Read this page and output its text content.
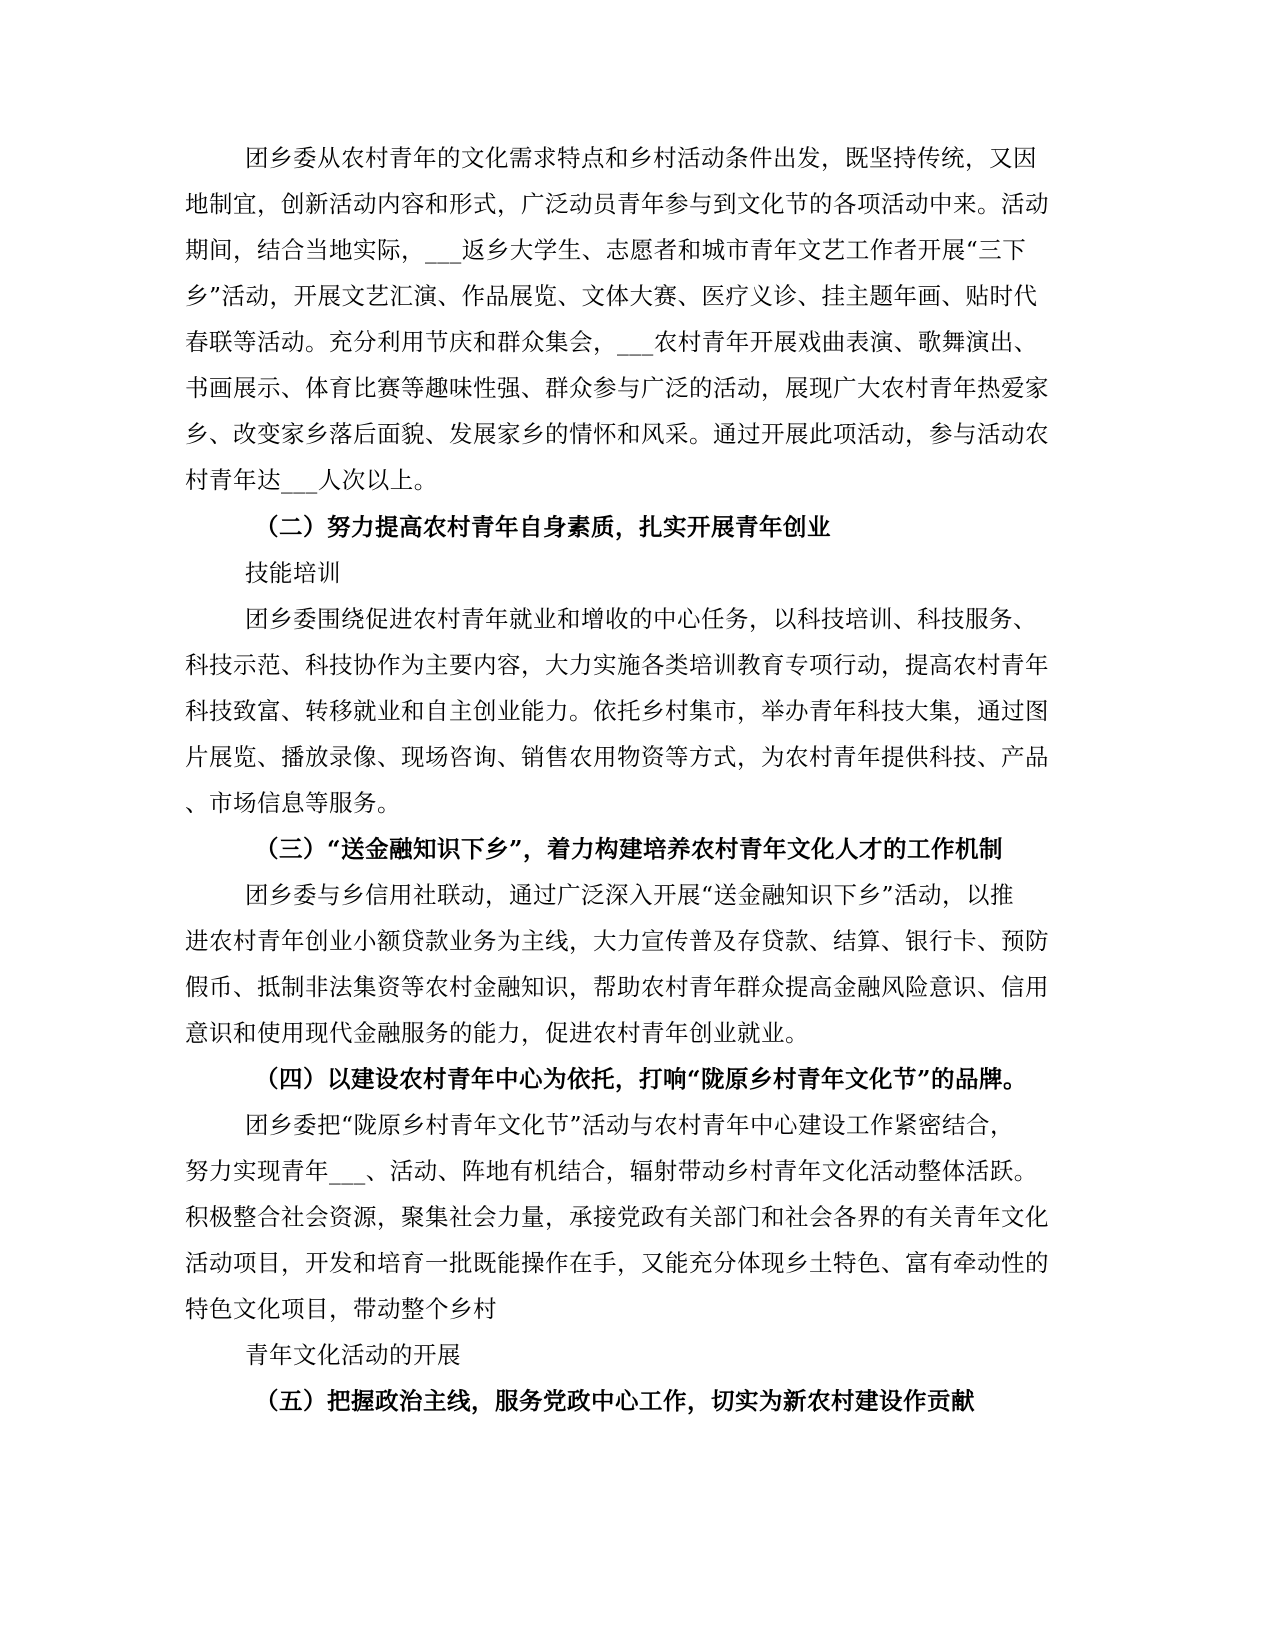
团乡委从农村青年的文化需求特点和乡村活动条件出发，既坚持传统，又因
地制宜，创新活动内容和形式，广泛动员青年参与到文化节的各项活动中来。活动
期间，结合当地实际，___返乡大学生、志愿者和城市青年文艺工作者开展“三下
乡”活动，开展文艺汇演、作品展览、文体大赛、医疗义诊、挂主题年画、贴时代
春联等活动。充分利用节庆和群众集会，___农村青年开展戏曲表演、歌舞演出、
书画展示、体育比赛等趣味性强、群众参与广泛的活动，展现广大农村青年热爱家
乡、改变家乡落后面貌、发展家乡的情怀和风采。通过开展此项活动，参与活动农
村青年达___人次以上。
（二）努力提高农村青年自身素质，扎实开展青年创业
技能培训
团乡委围绕促进农村青年就业和增收的中心任务，以科技培训、科技服务、
科技示范、科技协作为主要内容，大力实施各类培训教育专项行动，提高农村青年
科技致富、转移就业和自主创业能力。依托乡村集市，举办青年科技大集，通过图
片展览、播放录像、现场咨询、销售农用物资等方式，为农村青年提供科技、产品
、市场信息等服务。
（三）“送金融知识下乡”，着力构建培养农村青年文化人才的工作机制
团乡委与乡信用社联动，通过广泛深入开展“送金融知识下乡”活动，以推
进农村青年创业小额贷款业务为主线，大力宣传普及存贷款、结算、银行卡、预防
假币、抵制非法集资等农村金融知识，帮助农村青年群众提高金融风险意识、信用
意识和使用现代金融服务的能力，促进农村青年创业就业。
（四）以建设农村青年中心为依托，打响“陇原乡村青年文化节”的品牌。
团乡委把“陇原乡村青年文化节”活动与农村青年中心建设工作紧密结合，
努力实现青年___、活动、阵地有机结合，辐射带动乡村青年文化活动整体活跃。
积极整合社会资源，聚集社会力量，承接党政有关部门和社会各界的有关青年文化
活动项目，开发和培育一批既能操作在手，又能充分体现乡土特色、富有牵动性的
特色文化项目，带动整个乡村
青年文化活动的开展
（五）把握政治主线，服务党政中心工作，切实为新农村建设作贡献
